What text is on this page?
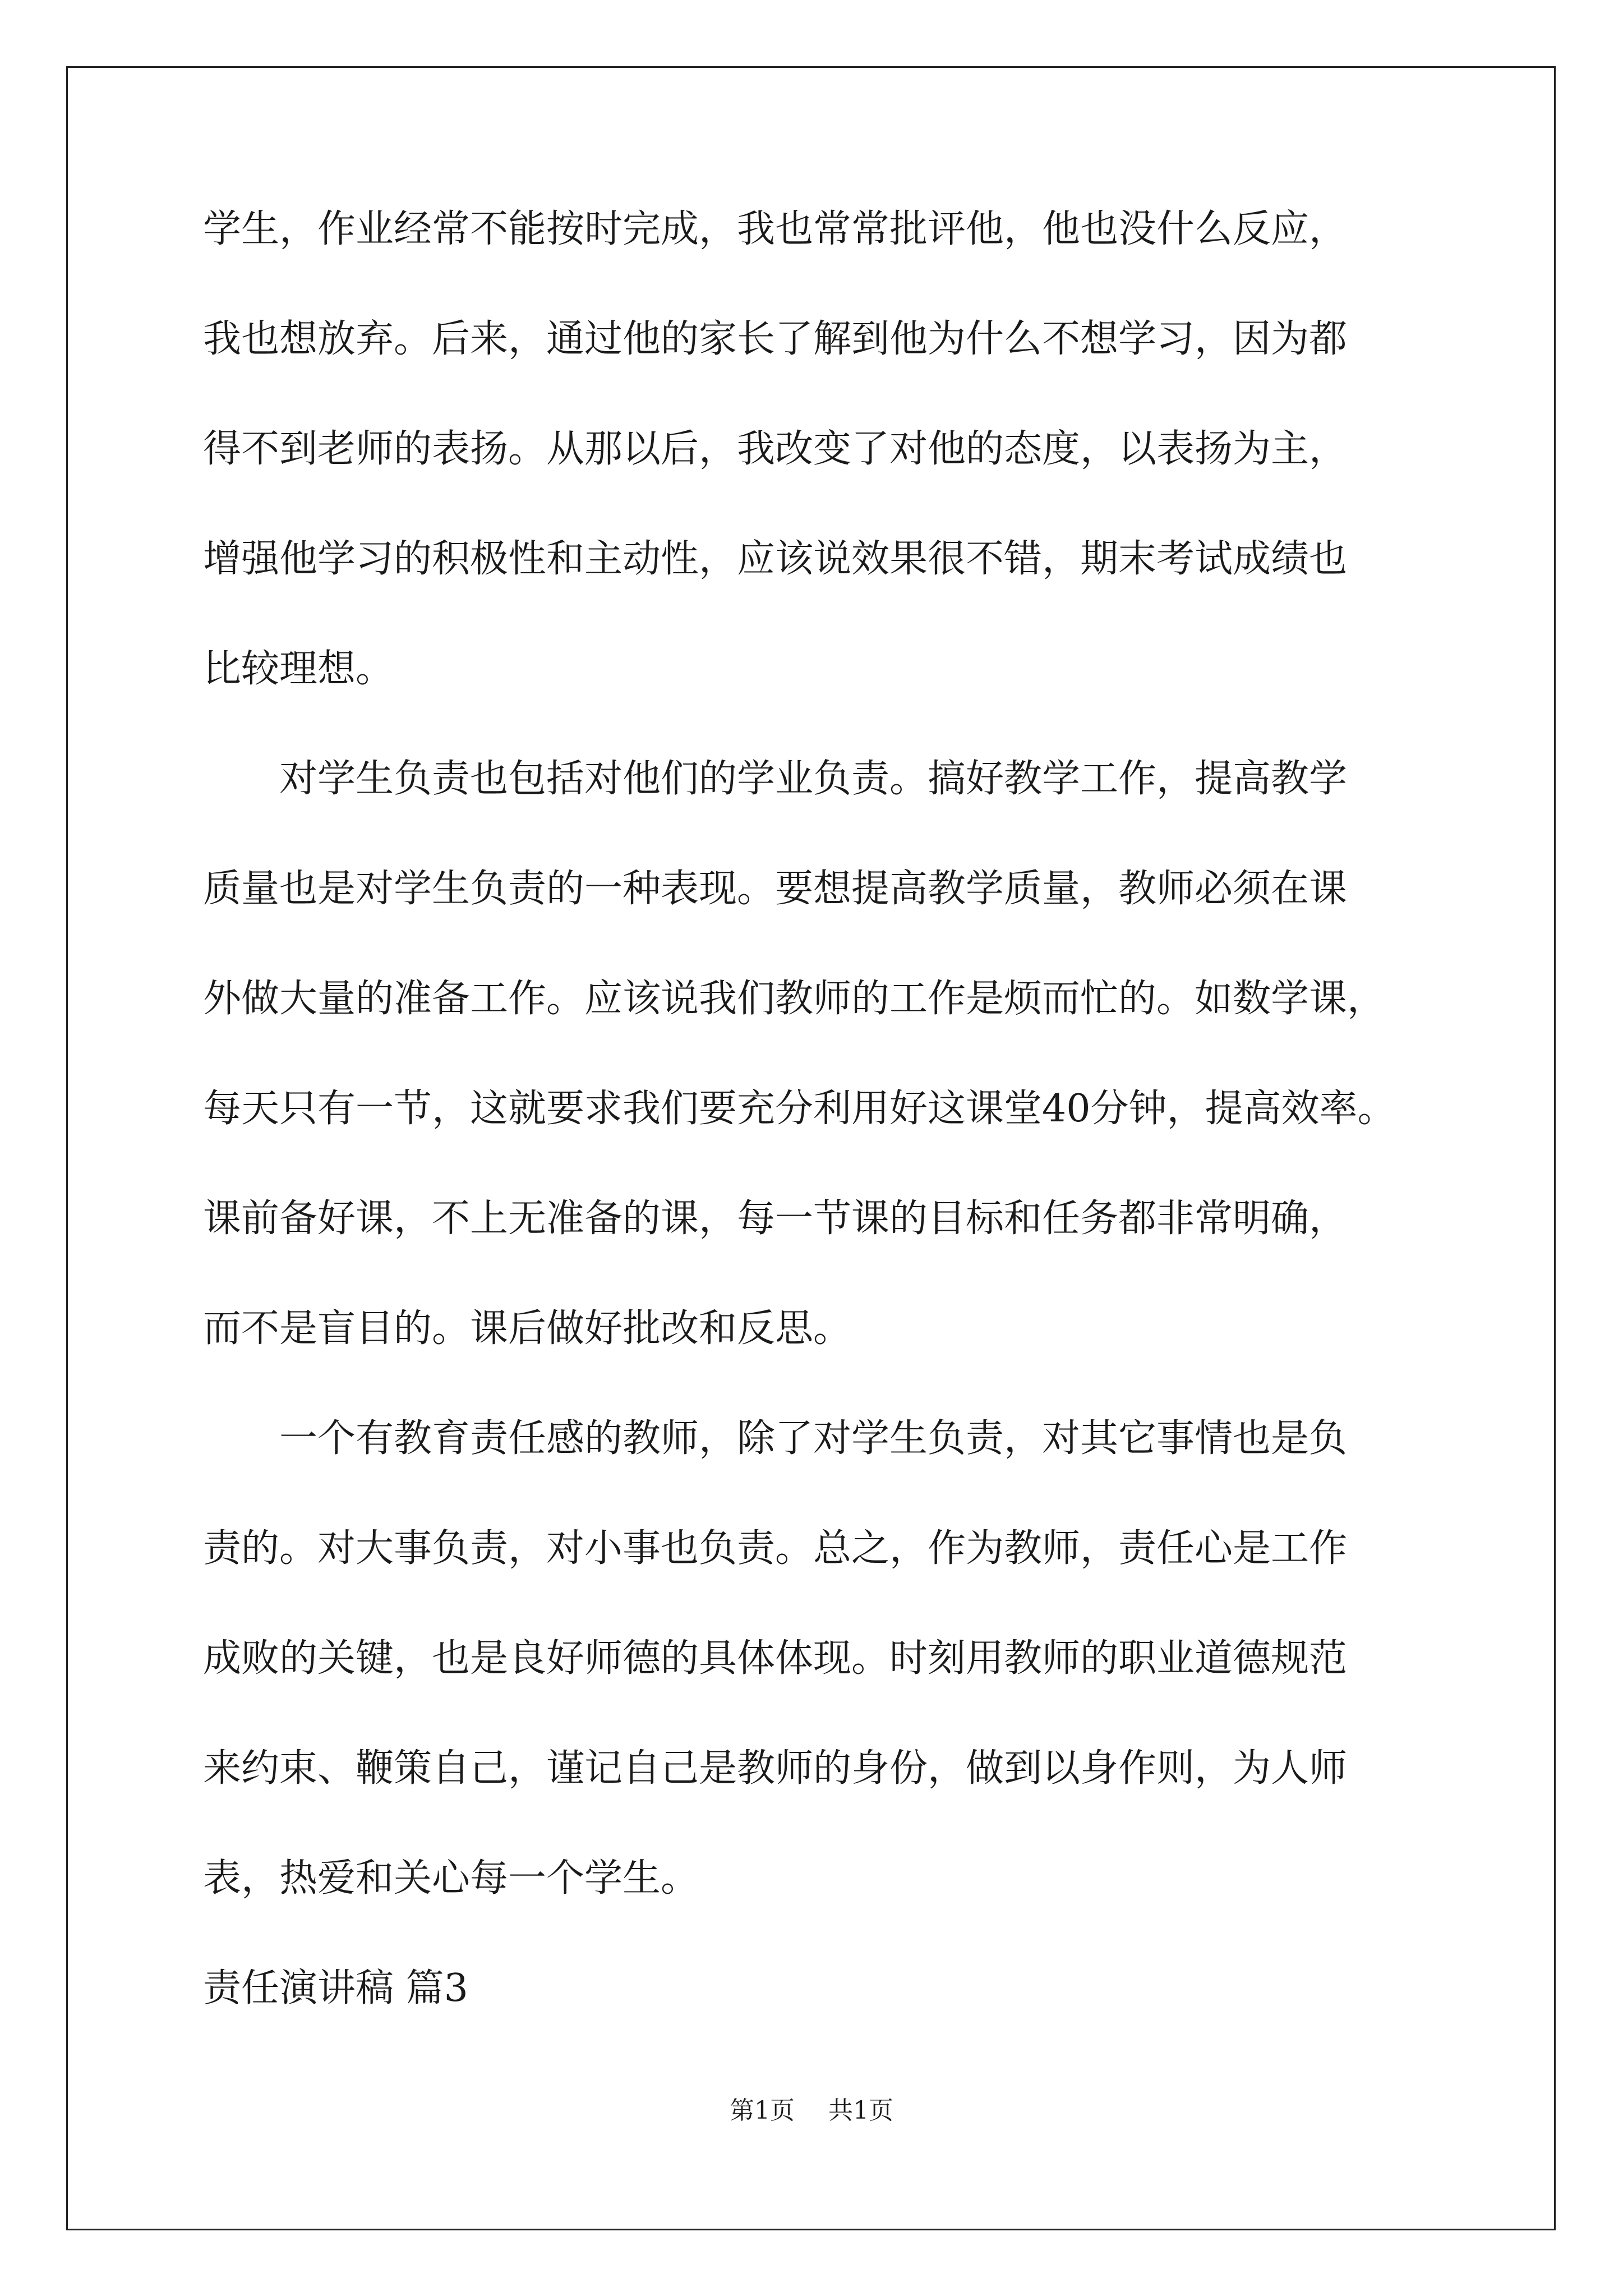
学生，作业经常不能按时完成，我也常常批评他，他也没什么反应，
我也想放弃。后来，通过他的家长了解到他为什么不想学习，因为都
得不到老师的表扬。从那以后，我改变了对他的态度，以表扬为主，
增强他学习的积极性和主动性，应该说效果很不错，期末考试成绩也
比较理想。
　　对学生负责也包括对他们的学业负责。搞好教学工作，提高教学
质量也是对学生负责的一种表现。要想提高教学质量，教师必须在课
外做大量的准备工作。应该说我们教师的工作是烦而忙的。如数学课，
每天只有一节，这就要求我们要充分利用好这课堂40分钟，提高效率。
课前备好课，不上无准备的课，每一节课的目标和任务都非常明确，
而不是盲目的。课后做好批改和反思。
　　一个有教育责任感的教师，除了对学生负责，对其它事情也是负
责的。对大事负责，对小事也负责。总之，作为教师，责任心是工作
成败的关键，也是良好师德的具体体现。时刻用教师的职业道德规范
来约束、鞭策自己，谨记自己是教师的身份，做到以身作则，为人师
表，热爱和关心每一个学生。
责任演讲稿 篇3
第1页 共1页
